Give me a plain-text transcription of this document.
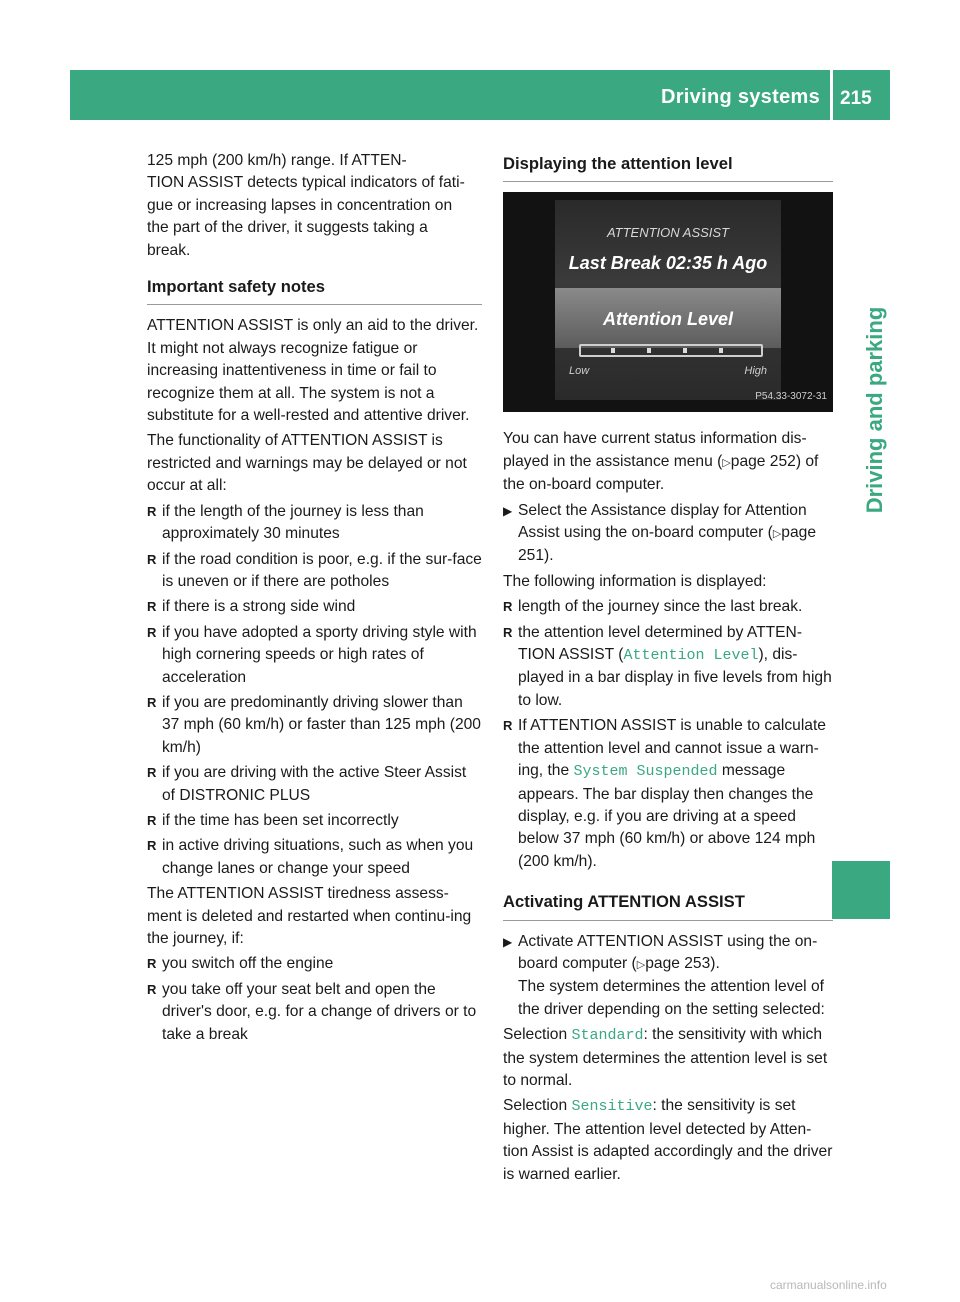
Driving systems 215
Driving and parking

125 mph (200 km/h) range. If ATTEN-
TION ASSIST detects typical indicators of fati-
gue or increasing lapses in concentration on
the part of the driver, it suggests taking a
break.

Important safety notes

ATTENTION ASSIST is only an aid to the driver. It might not always recognize fatigue or increasing inattentiveness in time or fail to recognize them at all. The system is not a substitute for a well-rested and attentive driver.

The functionality of ATTENTION ASSIST is restricted and warnings may be delayed or not occur at all:

R if the length of the journey is less than approximately 30 minutes
R if the road condition is poor, e.g. if the sur-face is uneven or if there are potholes
R if there is a strong side wind
R if you have adopted a sporty driving style with high cornering speeds or high rates of acceleration
R if you are predominantly driving slower than 37 mph (60 km/h) or faster than 125 mph (200 km/h)
R if you are driving with the active Steer Assist of DISTRONIC PLUS
R if the time has been set incorrectly
R in active driving situations, such as when you change lanes or change your speed

The ATTENTION ASSIST tiredness assess-ment is deleted and restarted when continu-ing the journey, if:

R you switch off the engine
R you take off your seat belt and open the driver's door, e.g. for a change of drivers or to take a break
Displaying the attention level
ATTENTION ASSIST
Last Break 02:35 h Ago
Attention Level
Low	High
P54.33-3072-31

You can have current status information dis-played in the assistance menu (▷page 252) of the on-board computer.

▶ Select the Assistance display for Attention Assist using the on-board computer (▷page 251).

The following information is displayed:

R length of the journey since the last break.
R the attention level determined by ATTEN-TION ASSIST (Attention Level), dis-played in a bar display in five levels from high to low.
R If ATTENTION ASSIST is unable to calculate the attention level and cannot issue a warn-ing, the System Suspended message appears. The bar display then changes the display, e.g. if you are driving at a speed below 37 mph (60 km/h) or above 124 mph (200 km/h).
Activating ATTENTION ASSIST
▶ Activate ATTENTION ASSIST using the on-board computer (▷page 253).
The system determines the attention level of the driver depending on the setting selected:

Selection Standard: the sensitivity with which the system determines the attention level is set to normal.

Selection Sensitive: the sensitivity is set higher. The attention level detected by Atten-tion Assist is adapted accordingly and the driver is warned earlier.

carmanualsonline.info
